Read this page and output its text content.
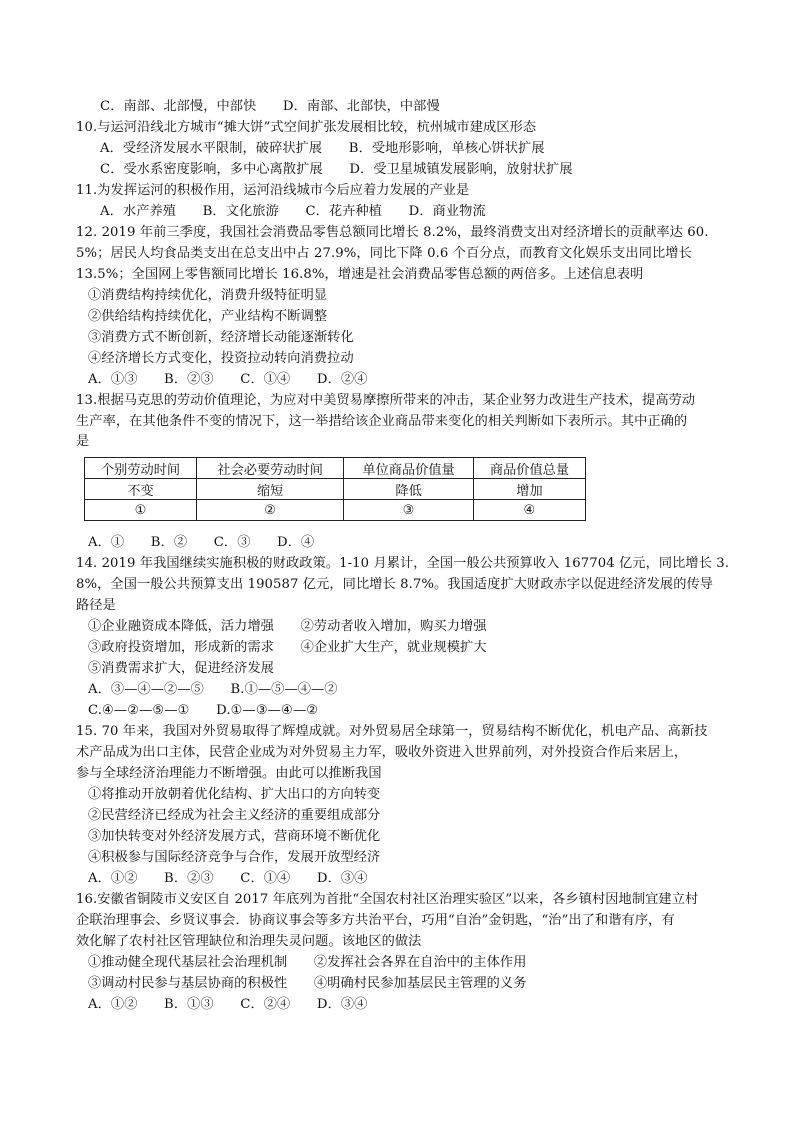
C．南部、北部慢，中部快　　D．南部、北部快，中部慢
10.与运河沿线北方城市“摊大饼”式空间扩张发展相比较，杭州城市建成区形态
A．受经济发展水平限制，破碎状扩展　　B．受地形影响，单核心饼状扩展
C．受水系密度影响，多中心离散扩展　　D．受卫星城镇发展影响，放射状扩展
11.为发挥运河的积极作用，运河沿线城市今后应着力发展的产业是
A．水产养殖　　B．文化旅游　　C．花卉种植　　D．商业物流
12. 2019 年前三季度，我国社会消费品零售总额同比增长 8.2%，最终消费支出对经济增长的贡献率达 60.
5%；居民人均食品类支出在总支出中占 27.9%，同比下降 0.6 个百分点，而教育文化娱乐支出同比增长
13.5%；全国网上零售额同比增长 16.8%，增速是社会消费品零售总额的两倍多。上述信息表明
①消费结构持续优化，消费升级特征明显
②供给结构持续优化，产业结构不断调整
③消费方式不断创新，经济增长动能逐渐转化
④经济增长方式变化，投资拉动转向消费拉动
A．①③　　B．②③　　C．①④　　D．②④
13.根据马克思的劳动价值理论，为应对中美贸易摩擦所带来的冲击，某企业努力改进生产技术，提高劳动
生产率，在其他条件不变的情况下，这一举措给该企业商品带来变化的相关判断如下表所示。其中正确的
是
个别劳动时间	社会必要劳动时间	单位商品价值量	商品价值总量
不变	缩短	降低	增加
①	②	③	④
A．①　　B．②　　C．③　　D．④
14. 2019 年我国继续实施积极的财政政策。1-10 月累计，全国一般公共预算收入 167704 亿元，同比增长 3.
8%，全国一般公共预算支出 190587 亿元，同比增长 8.7%。我国适度扩大财政赤字以促进经济发展的传导
路径是
①企业融资成本降低，活力增强　　②劳动者收入增加，购买力增强
③政府投资增加，形成新的需求　　④企业扩大生产，就业规模扩大
⑤消费需求扩大，促进经济发展
A．③—④—②—⑤　　B.①—⑤—④—②
C.④—②—⑤—①　　D.①—③—④—②
15. 70 年来，我国对外贸易取得了辉煌成就。对外贸易居全球第一，贸易结构不断优化，机电产品、高新技
术产品成为出口主体，民营企业成为对外贸易主力军，吸收外资进入世界前列，对外投资合作后来居上，
参与全球经济治理能力不断增强。由此可以推断我国
①将推动开放朝着优化结构、扩大出口的方向转变
②民营经济已经成为社会主义经济的重要组成部分
③加快转变对外经济发展方式，营商环境不断优化
④积极参与国际经济竞争与合作，发展开放型经济
A．①②　　B．②③　　C．①④　　D．③④
16.安徽省铜陵市义安区自 2017 年底列为首批“全国农村社区治理实验区”以来，各乡镇村因地制宜建立村
企联治理事会、乡贤议事会．协商议事会等多方共治平台，巧用“自治”金钥匙，“治”出了和谐有序，有
效化解了农村社区管理缺位和治理失灵问题。该地区的做法
①推动健全现代基层社会治理机制　　②发挥社会各界在自治中的主体作用
③调动村民参与基层协商的积极性　　④明确村民参加基层民主管理的义务
A．①②　　B．①③　　C．②④　　D．③④
